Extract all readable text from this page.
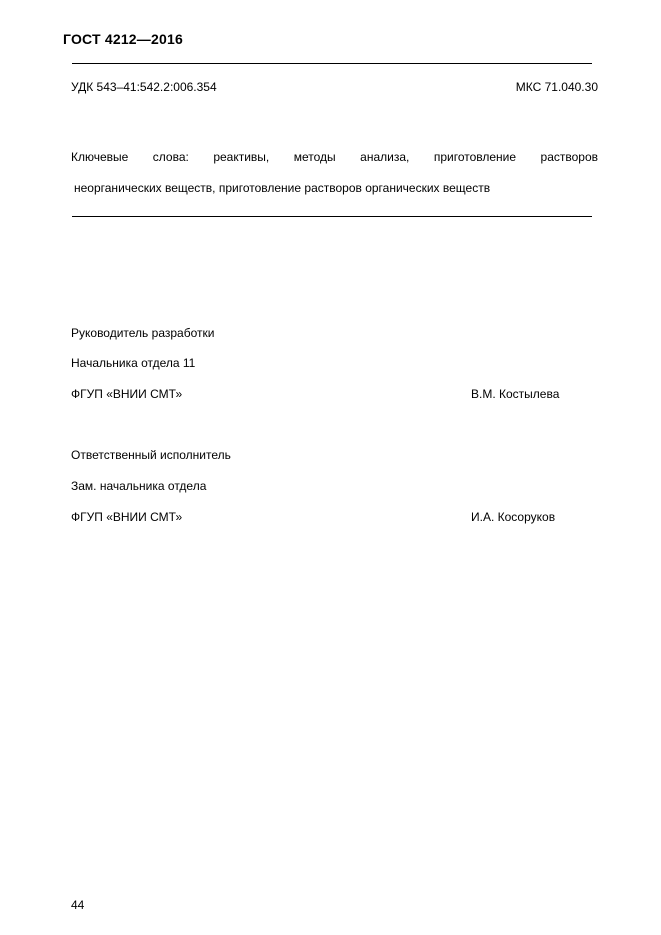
ГОСТ 4212—2016
УДК 543–41:542.2:006.354	МКС 71.040.30
Ключевые слова: реактивы, методы анализа, приготовление растворов
неорганических веществ, приготовление растворов органических веществ
Руководитель разработки
Начальника отдела 11
ФГУП «ВНИИ СМТ»	В.М. Костылева
Ответственный исполнитель
Зам. начальника отдела
ФГУП «ВНИИ СМТ»	И.А. Косоруков
44
